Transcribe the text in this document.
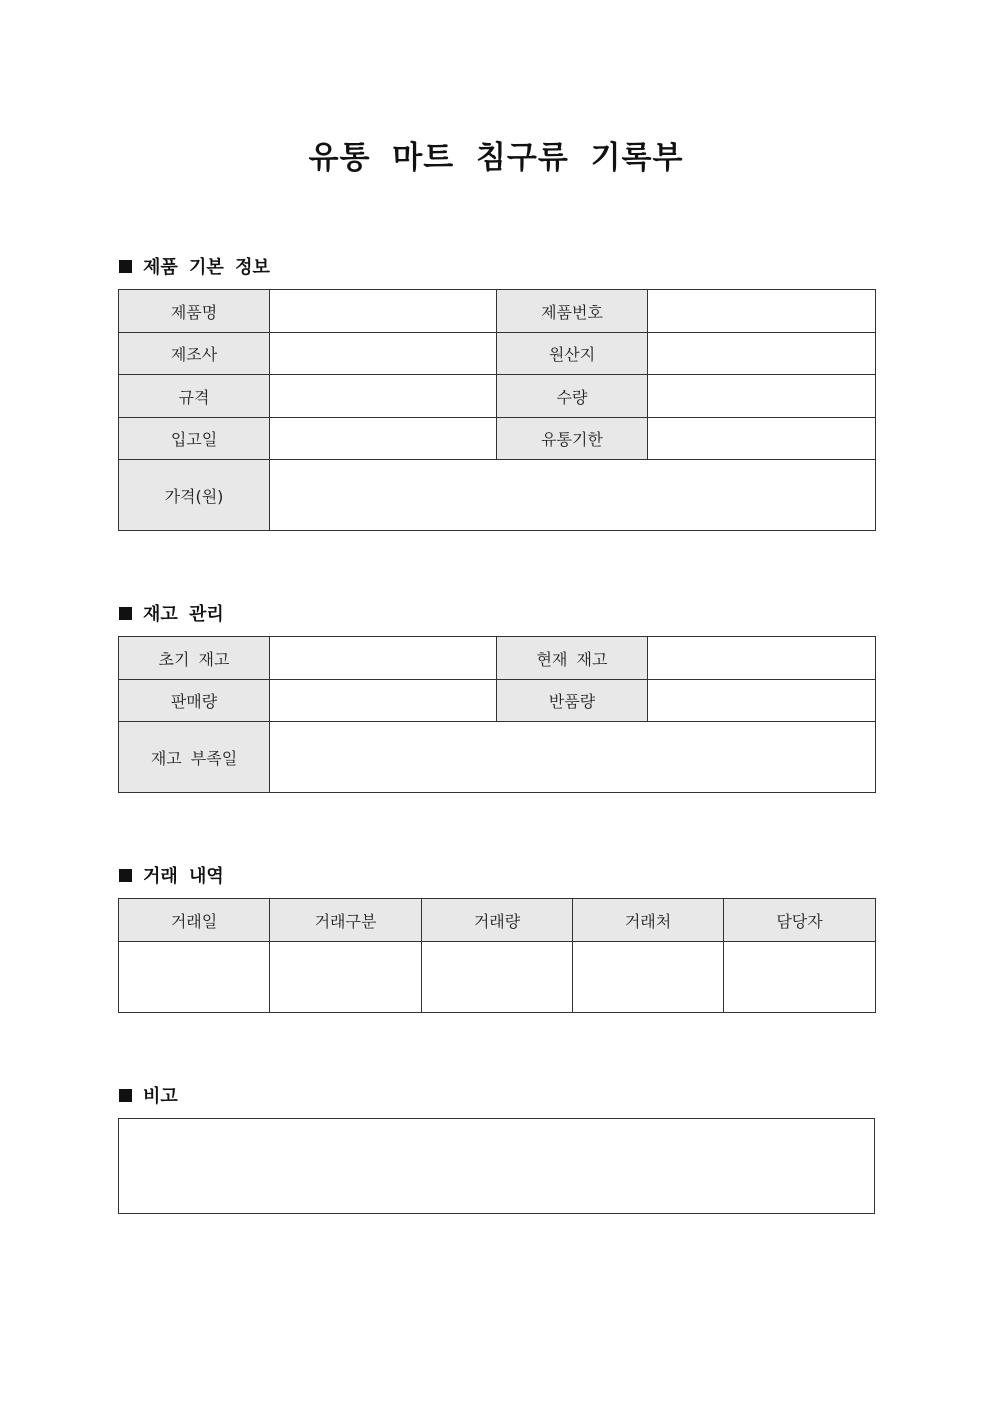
유통 마트 침구류 기록부
제품 기본 정보
제품명		제품번호	
제조사		원산지	
규격		수량	
입고일		유통기한	
가격(원)			
재고 관리
초기 재고		현재 재고	
판매량		반품량	
재고 부족일			
거래 내역
거래일	거래구분	거래량	거래처	담당자

비고
